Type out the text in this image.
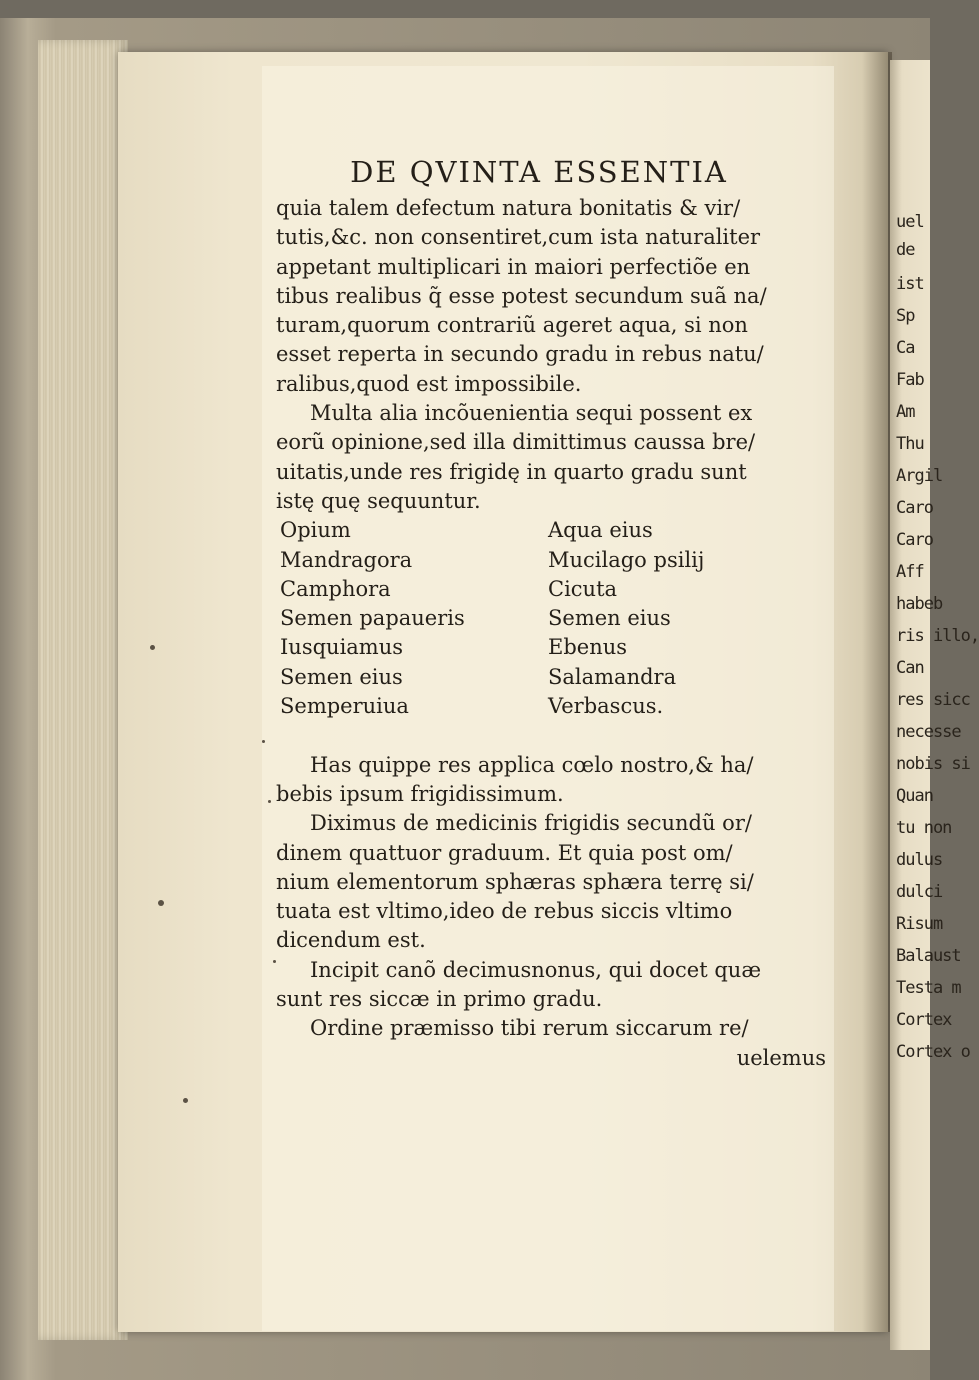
uel
de
ist
Sp
Ca
Fab
Am
Thu
Argil
Caro
Caro
Aff
habeb
ris illo,
Can
res sicc
necesse
nobis si
Quan
tu non
dulus
dulci
Risum
Balaust
Testa m
Cortex
Cortex o
DE QVINTA ESSENTIA
quia talem defectum natura bonitatis & vir/
tutis,&c. non consentiret,cum ista naturaliter
appetant multiplicari in maiori perfectiõe en
tibus realibus q̃ esse potest secundum suã na/
turam,quorum contrariũ ageret aqua, si non
esset reperta in secundo gradu in rebus natu/
ralibus,quod est impossibile.
Multa alia incõuenientia sequi possent ex
eorũ opinione,sed illa dimittimus caussa bre/
uitatis,unde res frigidę in quarto gradu sunt
istę quę sequuntur.
Opium	Aqua eius
Mandragora	Mucilago psilij
Camphora	Cicuta
Semen papaueris	Semen eius
Iusquiamus	Ebenus
Semen eius	Salamandra
Semperuiua	Verbascus.
Has quippe res applica cœlo nostro,& ha/
bebis ipsum frigidissimum.
Diximus de medicinis frigidis secundũ or/
dinem quattuor graduum. Et quia post om/
nium elementorum sphæras sphæra terrę si/
tuata est vltimo,ideo de rebus siccis vltimo
dicendum est.
Incipit canõ decimusnonus, qui docet quæ
sunt res siccæ in primo gradu.
Ordine præmisso tibi rerum siccarum re/
uelemus
